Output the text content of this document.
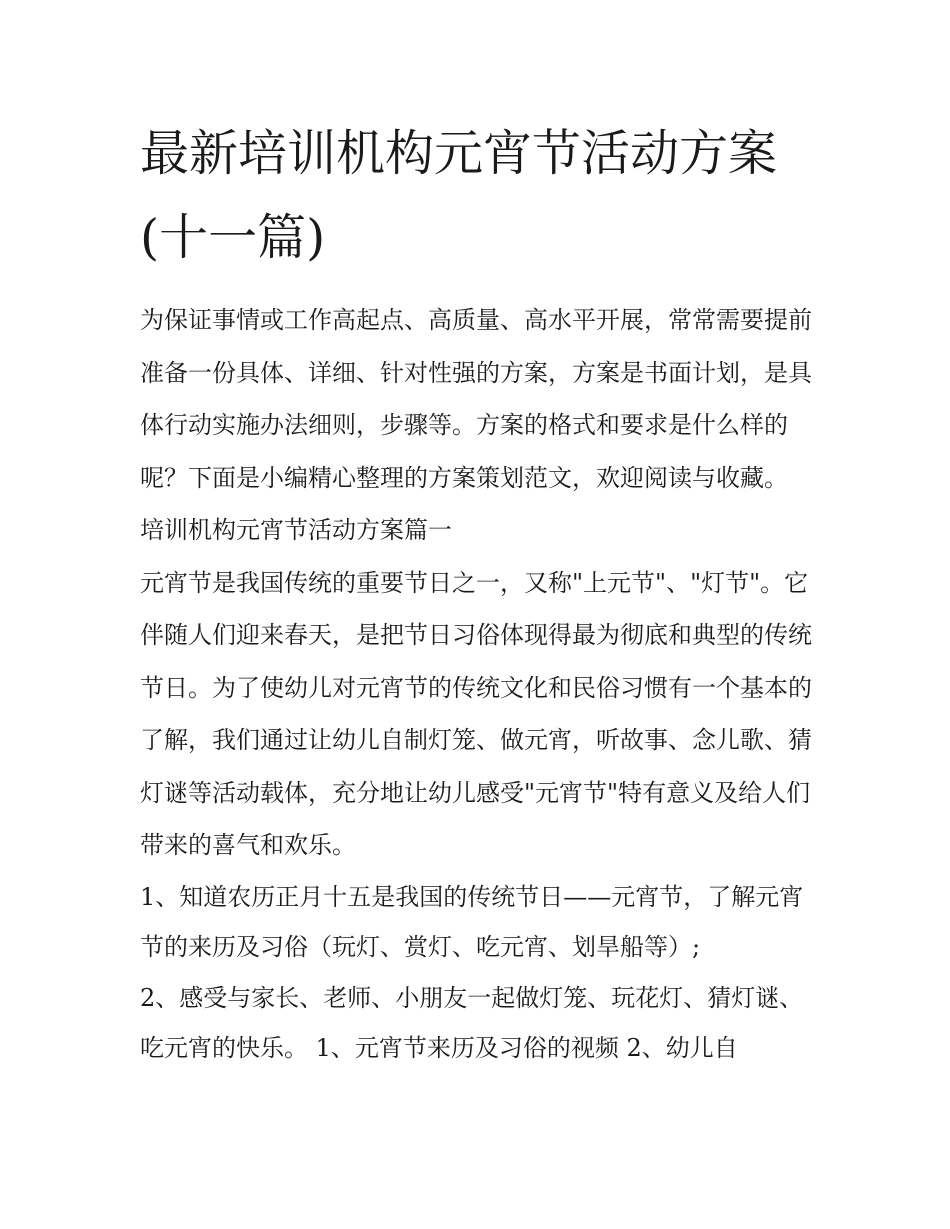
最新培训机构元宵节活动方案(十一篇)

为保证事情或工作高起点、高质量、高水平开展，常常需要提前准备一份具体、详细、针对性强的方案，方案是书面计划，是具体行动实施办法细则，步骤等。方案的格式和要求是什么样的呢？下面是小编精心整理的方案策划范文，欢迎阅读与收藏。

培训机构元宵节活动方案篇一

元宵节是我国传统的重要节日之一，又称"上元节"、"灯节"。它伴随人们迎来春天，是把节日习俗体现得最为彻底和典型的传统节日。为了使幼儿对元宵节的传统文化和民俗习惯有一个基本的了解，我们通过让幼儿自制灯笼、做元宵，听故事、念儿歌、猜灯谜等活动载体，充分地让幼儿感受"元宵节"特有意义及给人们带来的喜气和欢乐。

1、知道农历正月十五是我国的传统节日——元宵节，了解元宵节的来历及习俗（玩灯、赏灯、吃元宵、划旱船等）;

2、感受与家长、老师、小朋友一起做灯笼、玩花灯、猜灯谜、吃元宵的快乐。 1、元宵节来历及习俗的视频 2、幼儿自
